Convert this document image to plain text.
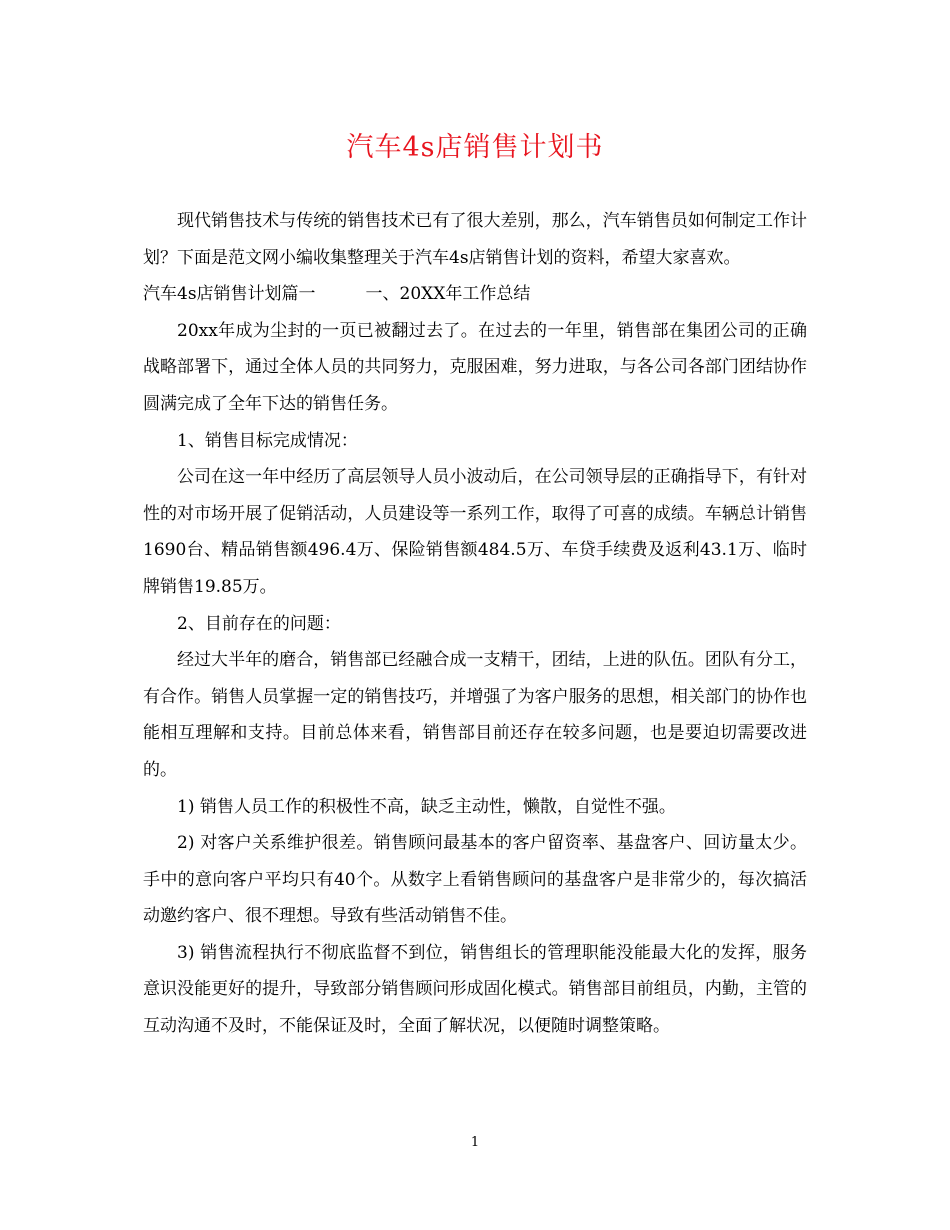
汽车4s店销售计划书

现代销售技术与传统的销售技术已有了很大差别，那么，汽车销售员如何制定工作计划？下面是范文网小编收集整理关于汽车4s店销售计划的资料，希望大家喜欢。

汽车4s店销售计划篇一	一、20XX年工作总结

20xx年成为尘封的一页已被翻过去了。在过去的一年里，销售部在集团公司的正确战略部署下，通过全体人员的共同努力，克服困难，努力进取，与各公司各部门团结协作圆满完成了全年下达的销售任务。

1、销售目标完成情况：

公司在这一年中经历了高层领导人员小波动后，在公司领导层的正确指导下，有针对性的对市场开展了促销活动，人员建设等一系列工作，取得了可喜的成绩。车辆总计销售1690台、精品销售额496.4万、保险销售额484.5万、车贷手续费及返利43.1万、临时牌销售19.85万。

2、目前存在的问题：

经过大半年的磨合，销售部已经融合成一支精干，团结，上进的队伍。团队有分工，有合作。销售人员掌握一定的销售技巧，并增强了为客户服务的思想，相关部门的协作也能相互理解和支持。目前总体来看，销售部目前还存在较多问题，也是要迫切需要改进的。

1) 销售人员工作的积极性不高，缺乏主动性，懒散，自觉性不强。

2) 对客户关系维护很差。销售顾问最基本的客户留资率、基盘客户、回访量太少。手中的意向客户平均只有40个。从数字上看销售顾问的基盘客户是非常少的，每次搞活动邀约客户、很不理想。导致有些活动销售不佳。

3) 销售流程执行不彻底监督不到位，销售组长的管理职能没能最大化的发挥，服务意识没能更好的提升，导致部分销售顾问形成固化模式。销售部目前组员，内勤，主管的互动沟通不及时，不能保证及时，全面了解状况，以便随时调整策略。

1
